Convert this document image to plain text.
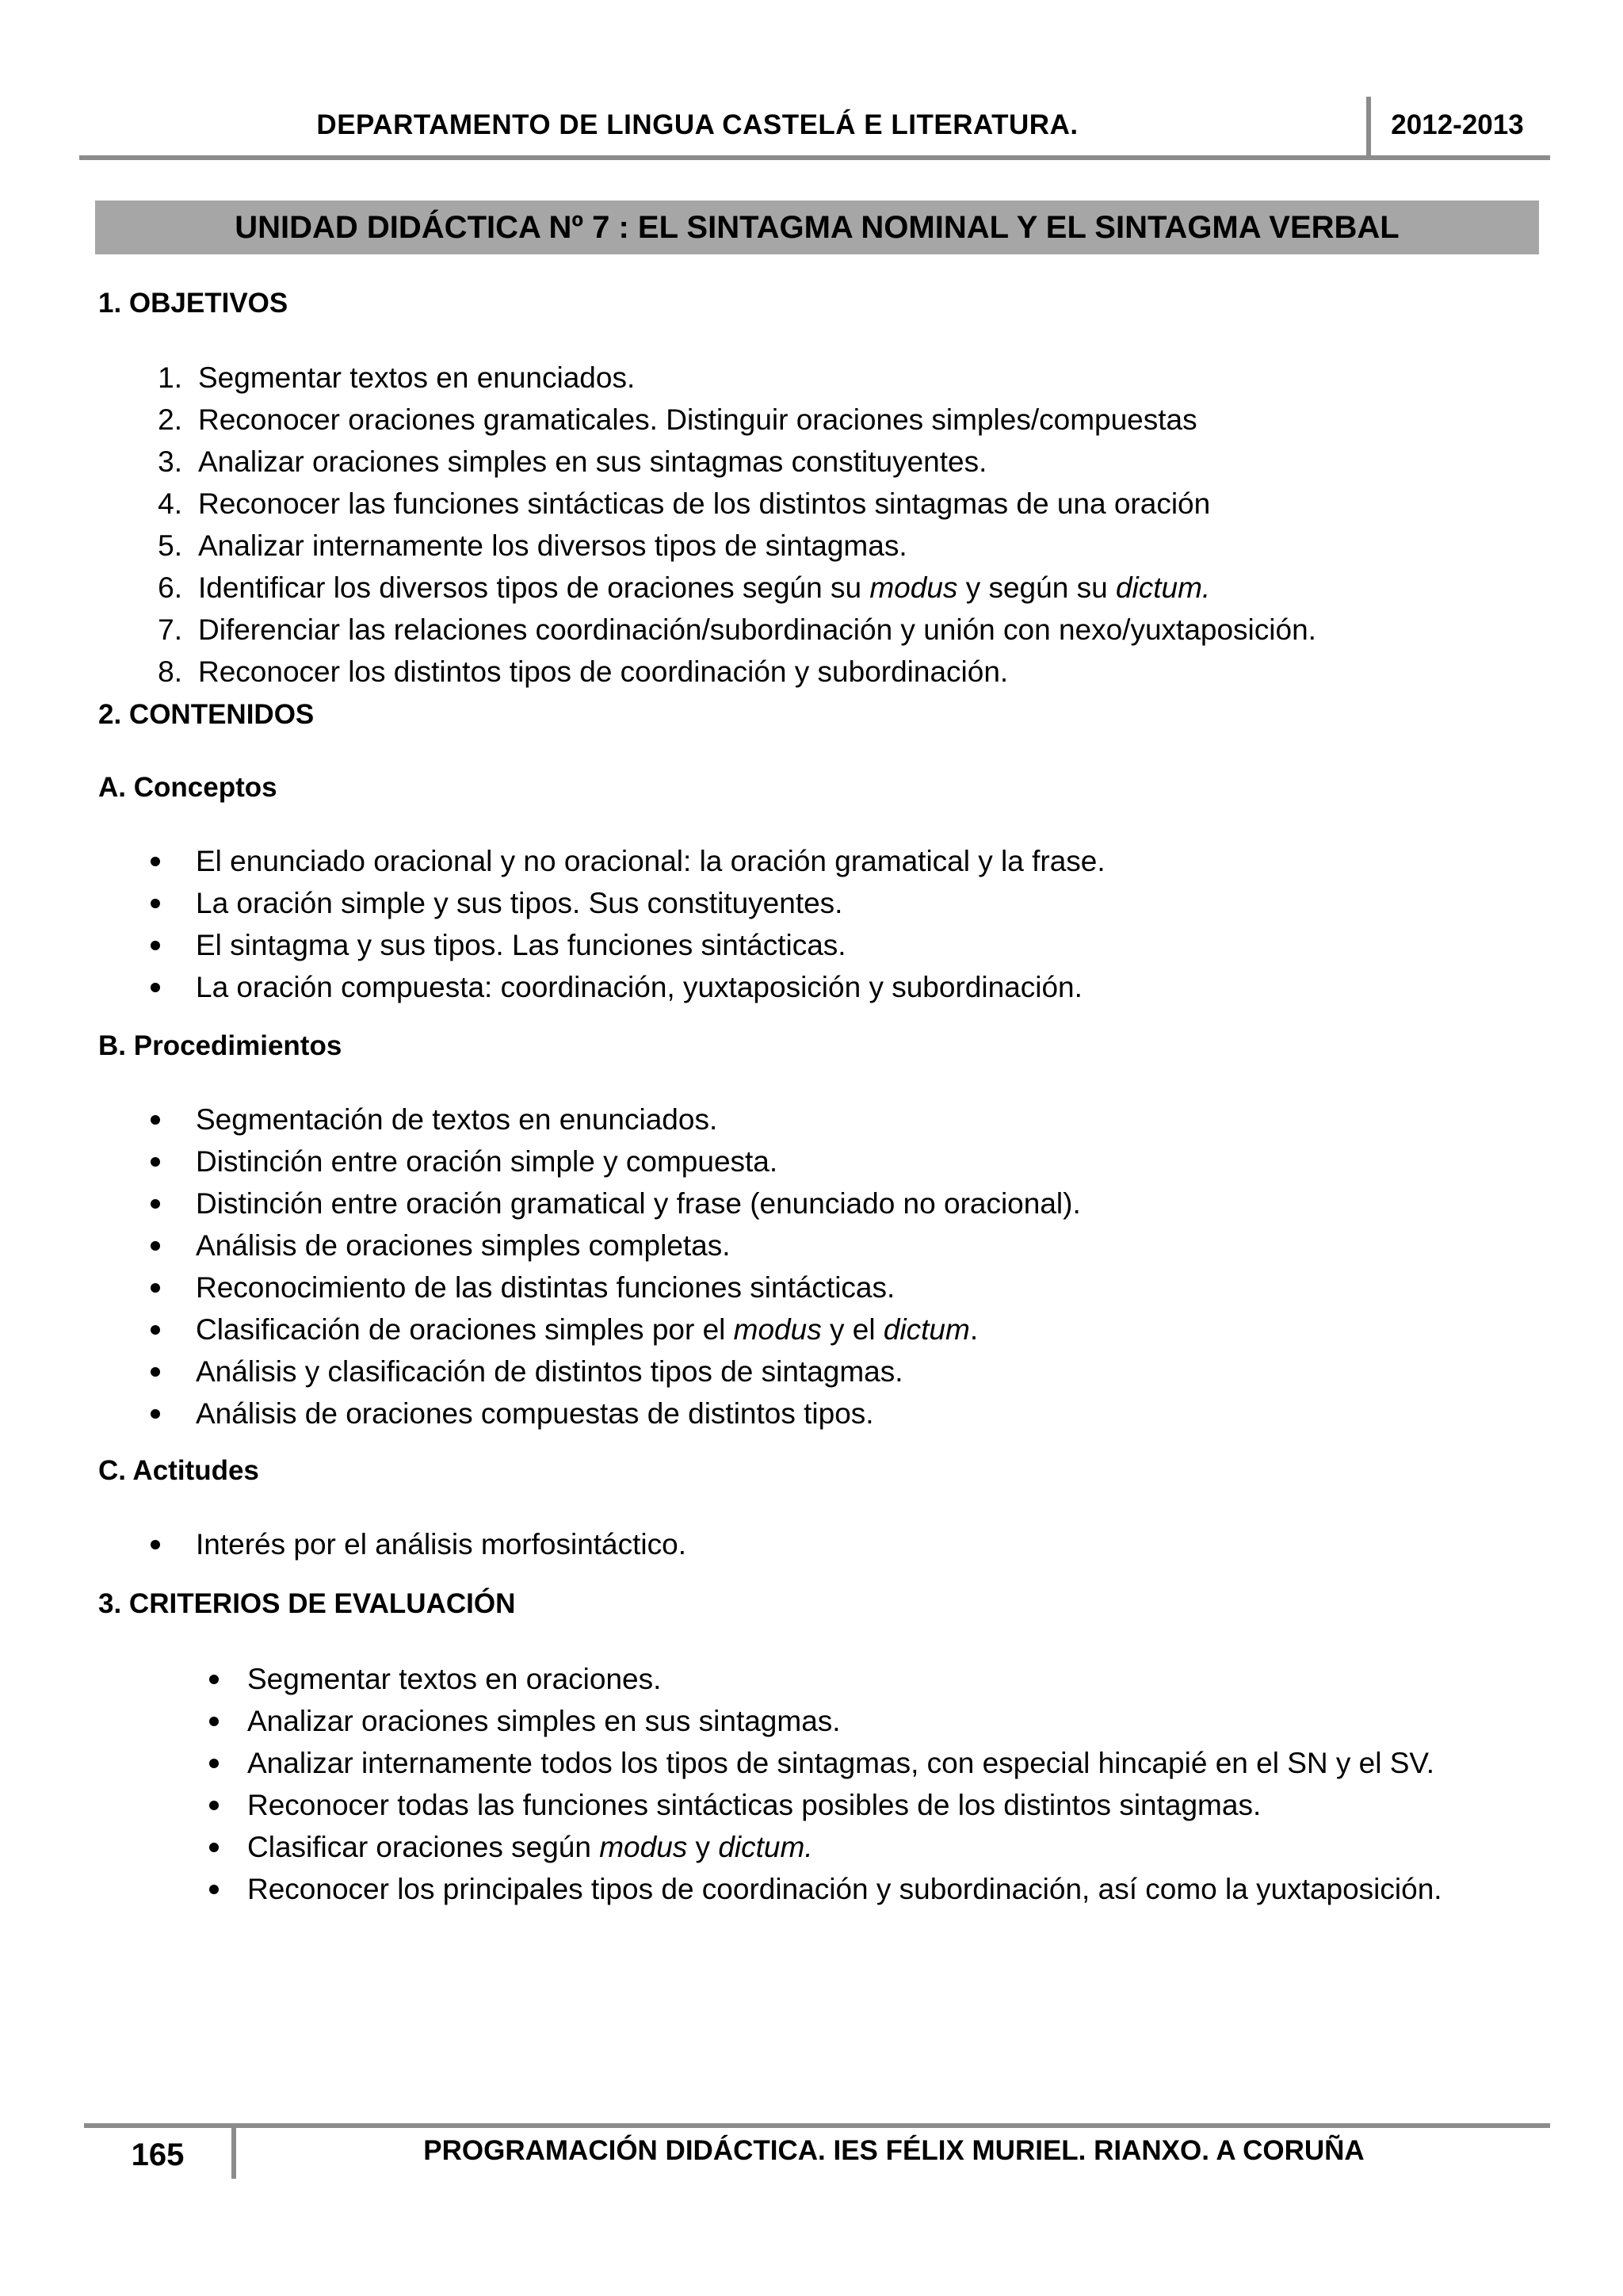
DEPARTAMENTO DE LINGUA CASTELÁ E LITERATURA.	2012-2013
UNIDAD DIDÁCTICA Nº 7 : EL SINTAGMA NOMINAL Y EL SINTAGMA VERBAL
1. OBJETIVOS
1. Segmentar textos en enunciados.
2. Reconocer oraciones gramaticales. Distinguir oraciones simples/compuestas
3. Analizar oraciones simples en sus sintagmas constituyentes.
4. Reconocer las funciones sintácticas de los distintos sintagmas de una oración
5. Analizar internamente los diversos tipos de sintagmas.
6. Identificar los diversos tipos de oraciones según su modus y según su dictum.
7. Diferenciar las relaciones coordinación/subordinación y unión con nexo/yuxtaposición.
8. Reconocer los distintos tipos de coordinación y subordinación.
2. CONTENIDOS
A. Conceptos
El enunciado oracional y no oracional: la oración gramatical y la frase.
La oración simple y sus tipos. Sus constituyentes.
El sintagma y sus tipos. Las funciones sintácticas.
La oración compuesta: coordinación, yuxtaposición y subordinación.
B. Procedimientos
Segmentación de textos en enunciados.
Distinción entre oración simple y compuesta.
Distinción entre oración gramatical y frase (enunciado no oracional).
Análisis de oraciones simples completas.
Reconocimiento de las distintas funciones sintácticas.
Clasificación de oraciones simples por el modus y el dictum.
Análisis y clasificación de distintos tipos de sintagmas.
Análisis de oraciones compuestas de distintos tipos.
C. Actitudes
Interés por el análisis morfosintáctico.
3. CRITERIOS DE EVALUACIÓN
Segmentar textos en oraciones.
Analizar oraciones simples en sus sintagmas.
Analizar internamente todos los tipos de sintagmas, con especial hincapié en el SN y el SV.
Reconocer todas las funciones sintácticas posibles de los distintos sintagmas.
Clasificar oraciones según modus y dictum.
Reconocer los principales tipos de coordinación y subordinación, así como la yuxtaposición.
165	PROGRAMACIÓN DIDÁCTICA. IES FÉLIX MURIEL. RIANXO. A CORUÑA
